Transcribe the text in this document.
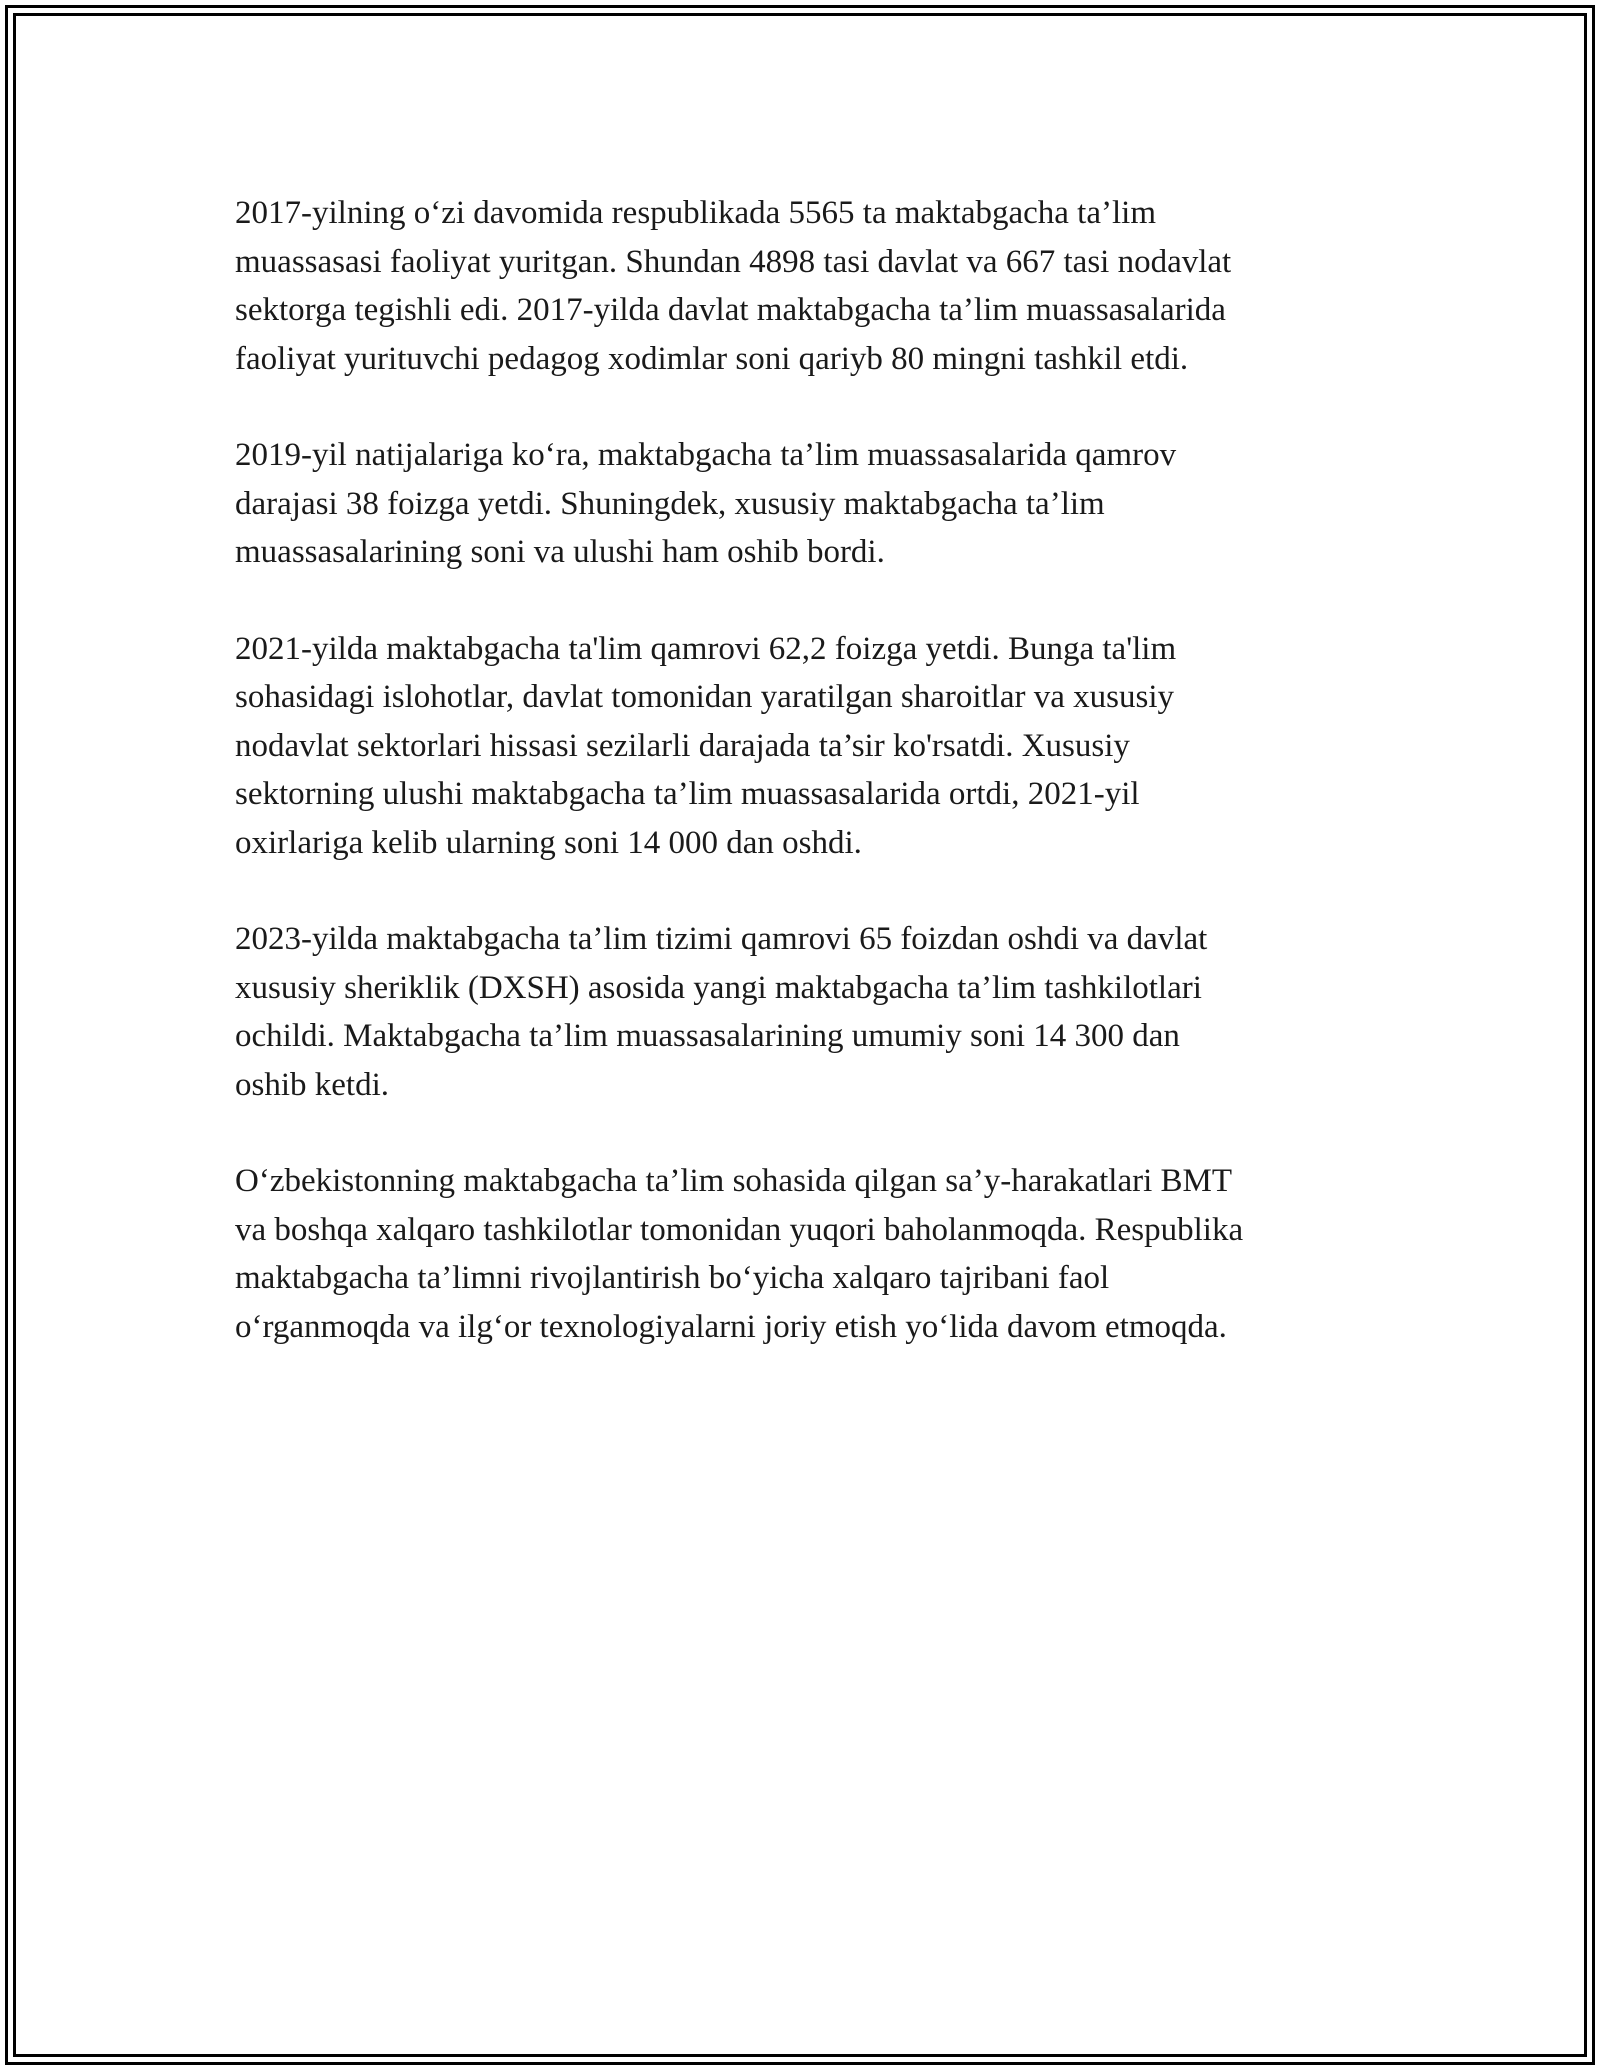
2017-yilning o‘zi davomida respublikada 5565 ta maktabgacha ta’lim
muassasasi faoliyat yuritgan. Shundan 4898 tasi davlat va 667 tasi nodavlat
sektorga tegishli edi. 2017-yilda davlat maktabgacha ta’lim muassasalarida
faoliyat yurituvchi pedagog xodimlar soni qariyb 80 mingni tashkil etdi.

2019-yil natijalariga ko‘ra, maktabgacha ta’lim muassasalarida qamrov
darajasi 38 foizga yetdi. Shuningdek, xususiy maktabgacha ta’lim
muassasalarining soni va ulushi ham oshib bordi.

2021-yilda maktabgacha ta'lim qamrovi 62,2 foizga yetdi. Bunga ta'lim
sohasidagi islohotlar, davlat tomonidan yaratilgan sharoitlar va xususiy
nodavlat sektorlari hissasi sezilarli darajada ta’sir ko'rsatdi. Xususiy
sektorning ulushi maktabgacha ta’lim muassasalarida ortdi, 2021-yil
oxirlariga kelib ularning soni 14 000 dan oshdi.

2023-yilda maktabgacha ta’lim tizimi qamrovi 65 foizdan oshdi va davlat
xususiy sheriklik (DXSH) asosida yangi maktabgacha ta’lim tashkilotlari
ochildi. Maktabgacha ta’lim muassasalarining umumiy soni 14 300 dan
oshib ketdi.

O‘zbekistonning maktabgacha ta’lim sohasida qilgan sa’y-harakatlari BMT
va boshqa xalqaro tashkilotlar tomonidan yuqori baholanmoqda. Respublika
maktabgacha ta’limni rivojlantirish bo‘yicha xalqaro tajribani faol
o‘rganmoqda va ilg‘or texnologiyalarni joriy etish yo‘lida davom etmoqda.
